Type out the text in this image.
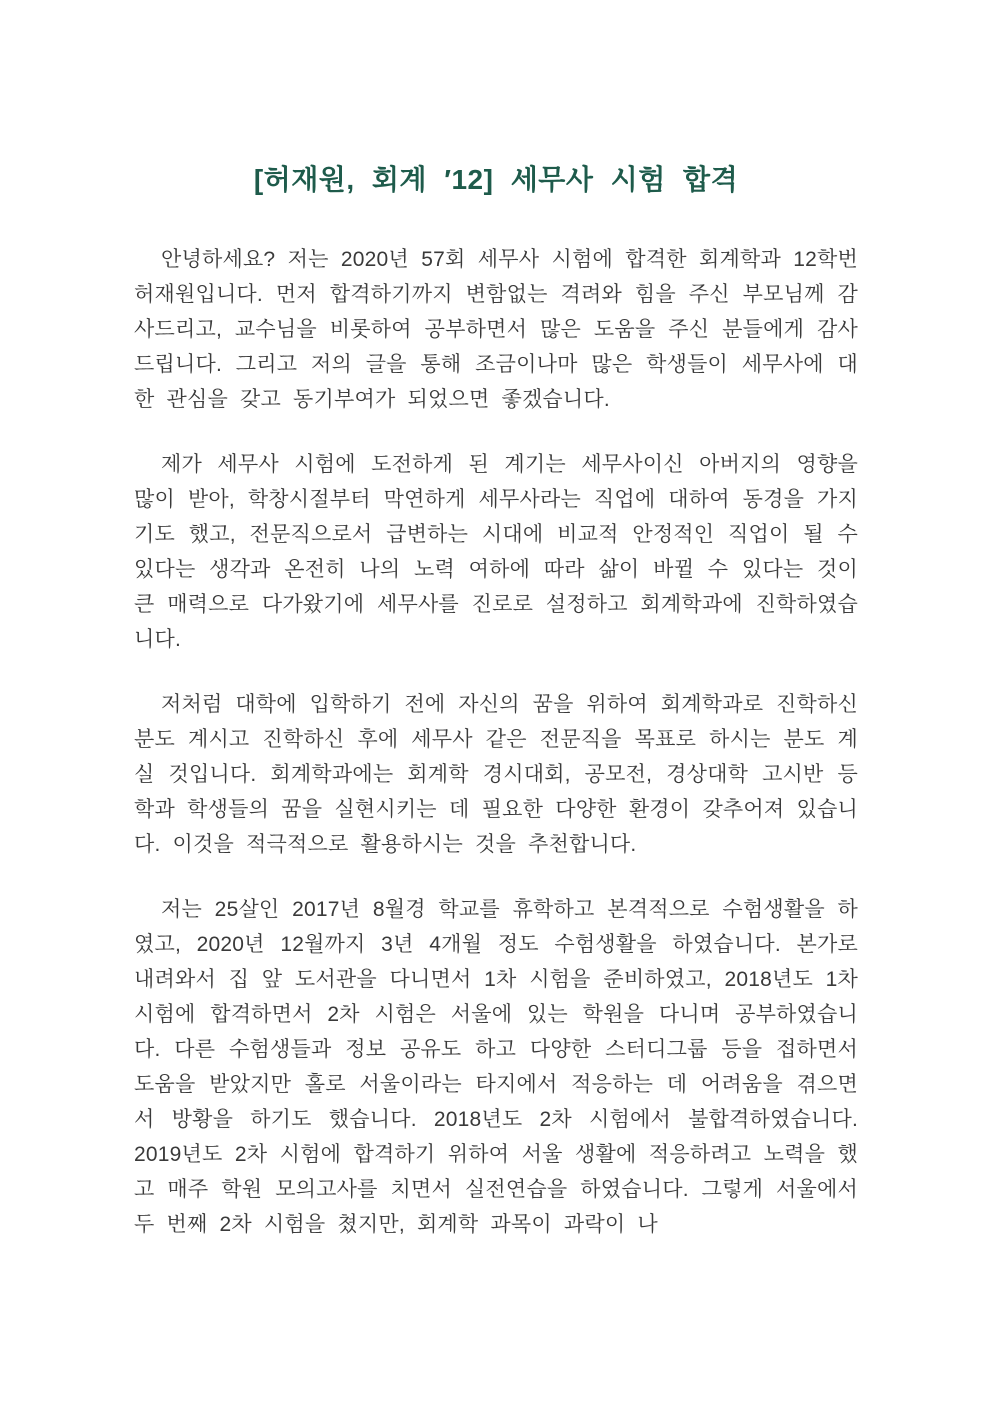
[허재원, 회계 ′12] 세무사 시험 합격

안녕하세요? 저는 2020년 57회 세무사 시험에 합격한 회계학과 12학번 허재원입니다. 먼저 합격하기까지 변함없는 격려와 힘을 주신 부모님께 감사드리고, 교수님을 비롯하여 공부하면서 많은 도움을 주신 분들에게 감사드립니다. 그리고 저의 글을 통해 조금이나마 많은 학생들이 세무사에 대한 관심을 갖고 동기부여가 되었으면 좋겠습니다.

제가 세무사 시험에 도전하게 된 계기는 세무사이신 아버지의 영향을 많이 받아, 학창시절부터 막연하게 세무사라는 직업에 대하여 동경을 가지기도 했고, 전문직으로서 급변하는 시대에 비교적 안정적인 직업이 될 수 있다는 생각과 온전히 나의 노력 여하에 따라 삶이 바뀔 수 있다는 것이 큰 매력으로 다가왔기에 세무사를 진로로 설정하고 회계학과에 진학하였습니다.

저처럼 대학에 입학하기 전에 자신의 꿈을 위하여 회계학과로 진학하신 분도 계시고 진학하신 후에 세무사 같은 전문직을 목표로 하시는 분도 계실 것입니다. 회계학과에는 회계학 경시대회, 공모전, 경상대학 고시반 등 학과 학생들의 꿈을 실현시키는 데 필요한 다양한 환경이 갖추어져 있습니다. 이것을 적극적으로 활용하시는 것을 추천합니다.

저는 25살인 2017년 8월경 학교를 휴학하고 본격적으로 수험생활을 하였고, 2020년 12월까지 3년 4개월 정도 수험생활을 하였습니다. 본가로 내려와서 집 앞 도서관을 다니면서 1차 시험을 준비하였고, 2018년도 1차 시험에 합격하면서 2차 시험은 서울에 있는 학원을 다니며 공부하였습니다. 다른 수험생들과 정보 공유도 하고 다양한 스터디그룹 등을 접하면서 도움을 받았지만 홀로 서울이라는 타지에서 적응하는 데 어려움을 겪으면서 방황을 하기도 했습니다. 2018년도 2차 시험에서 불합격하였습니다. 2019년도 2차 시험에 합격하기 위하여 서울 생활에 적응하려고 노력을 했고 매주 학원 모의고사를 치면서 실전연습을 하였습니다. 그렇게 서울에서 두 번째 2차 시험을 쳤지만, 회계학 과목이 과락이 나
